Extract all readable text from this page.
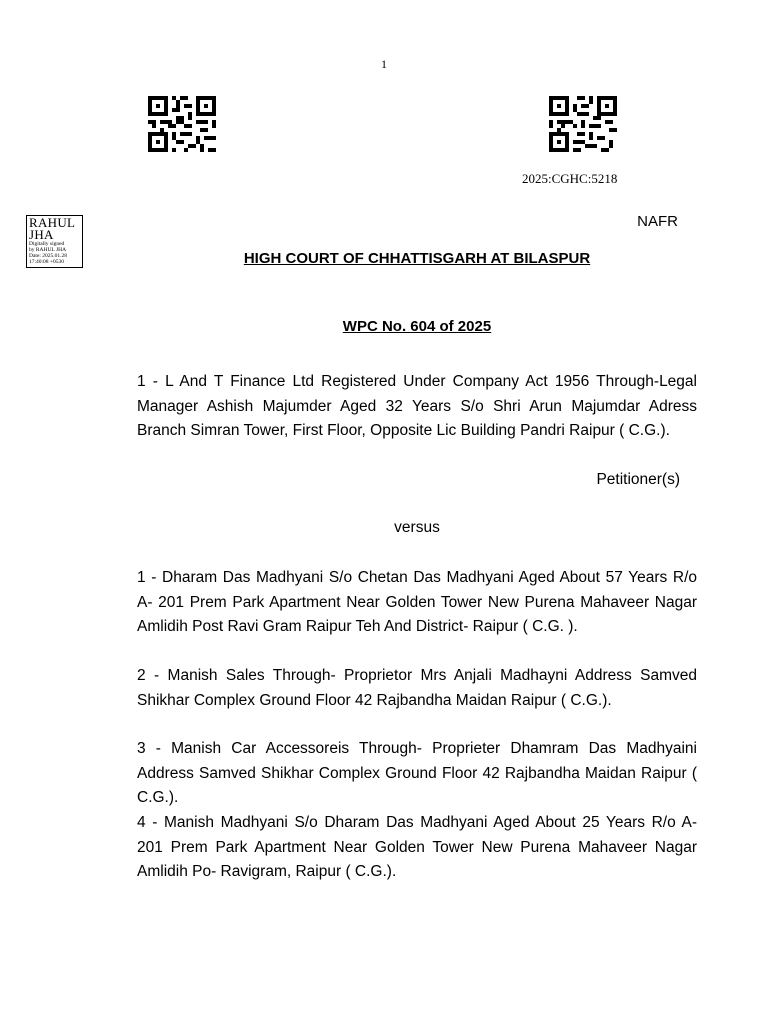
1
2025:CGHC:5218
NAFR
RAHUL
JHA
Digitally signed
by RAHUL JHA
Date: 2025.01.28
17:40:08 +0530	HIGH COURT OF CHHATTISGARH AT BILASPUR
WPC No. 604 of 2025
1 - L And T Finance Ltd Registered Under Company Act 1956 Through-Legal Manager Ashish Majumder Aged 32 Years S/o Shri Arun Majumdar Adress Branch Simran Tower, First Floor, Opposite Lic Building Pandri Raipur ( C.G.).
Petitioner(s)
versus
1 - Dharam Das Madhyani S/o Chetan Das Madhyani Aged About 57 Years R/o A- 201 Prem Park Apartment Near Golden Tower New Purena Mahaveer Nagar Amlidih Post Ravi Gram Raipur Teh And District- Raipur ( C.G. ).
2 - Manish Sales Through- Proprietor Mrs Anjali Madhayni Address Samved Shikhar Complex Ground Floor 42 Rajbandha Maidan Raipur ( C.G.).
3 - Manish Car Accessoreis Through- Proprieter Dhamram Das Madhyaini Address Samved Shikhar Complex Ground Floor 42 Rajbandha Maidan Raipur ( C.G.).
4 - Manish Madhyani S/o Dharam Das Madhyani Aged About 25 Years R/o A- 201 Prem Park Apartment Near Golden Tower New Purena Mahaveer Nagar Amlidih Po- Ravigram, Raipur ( C.G.).
